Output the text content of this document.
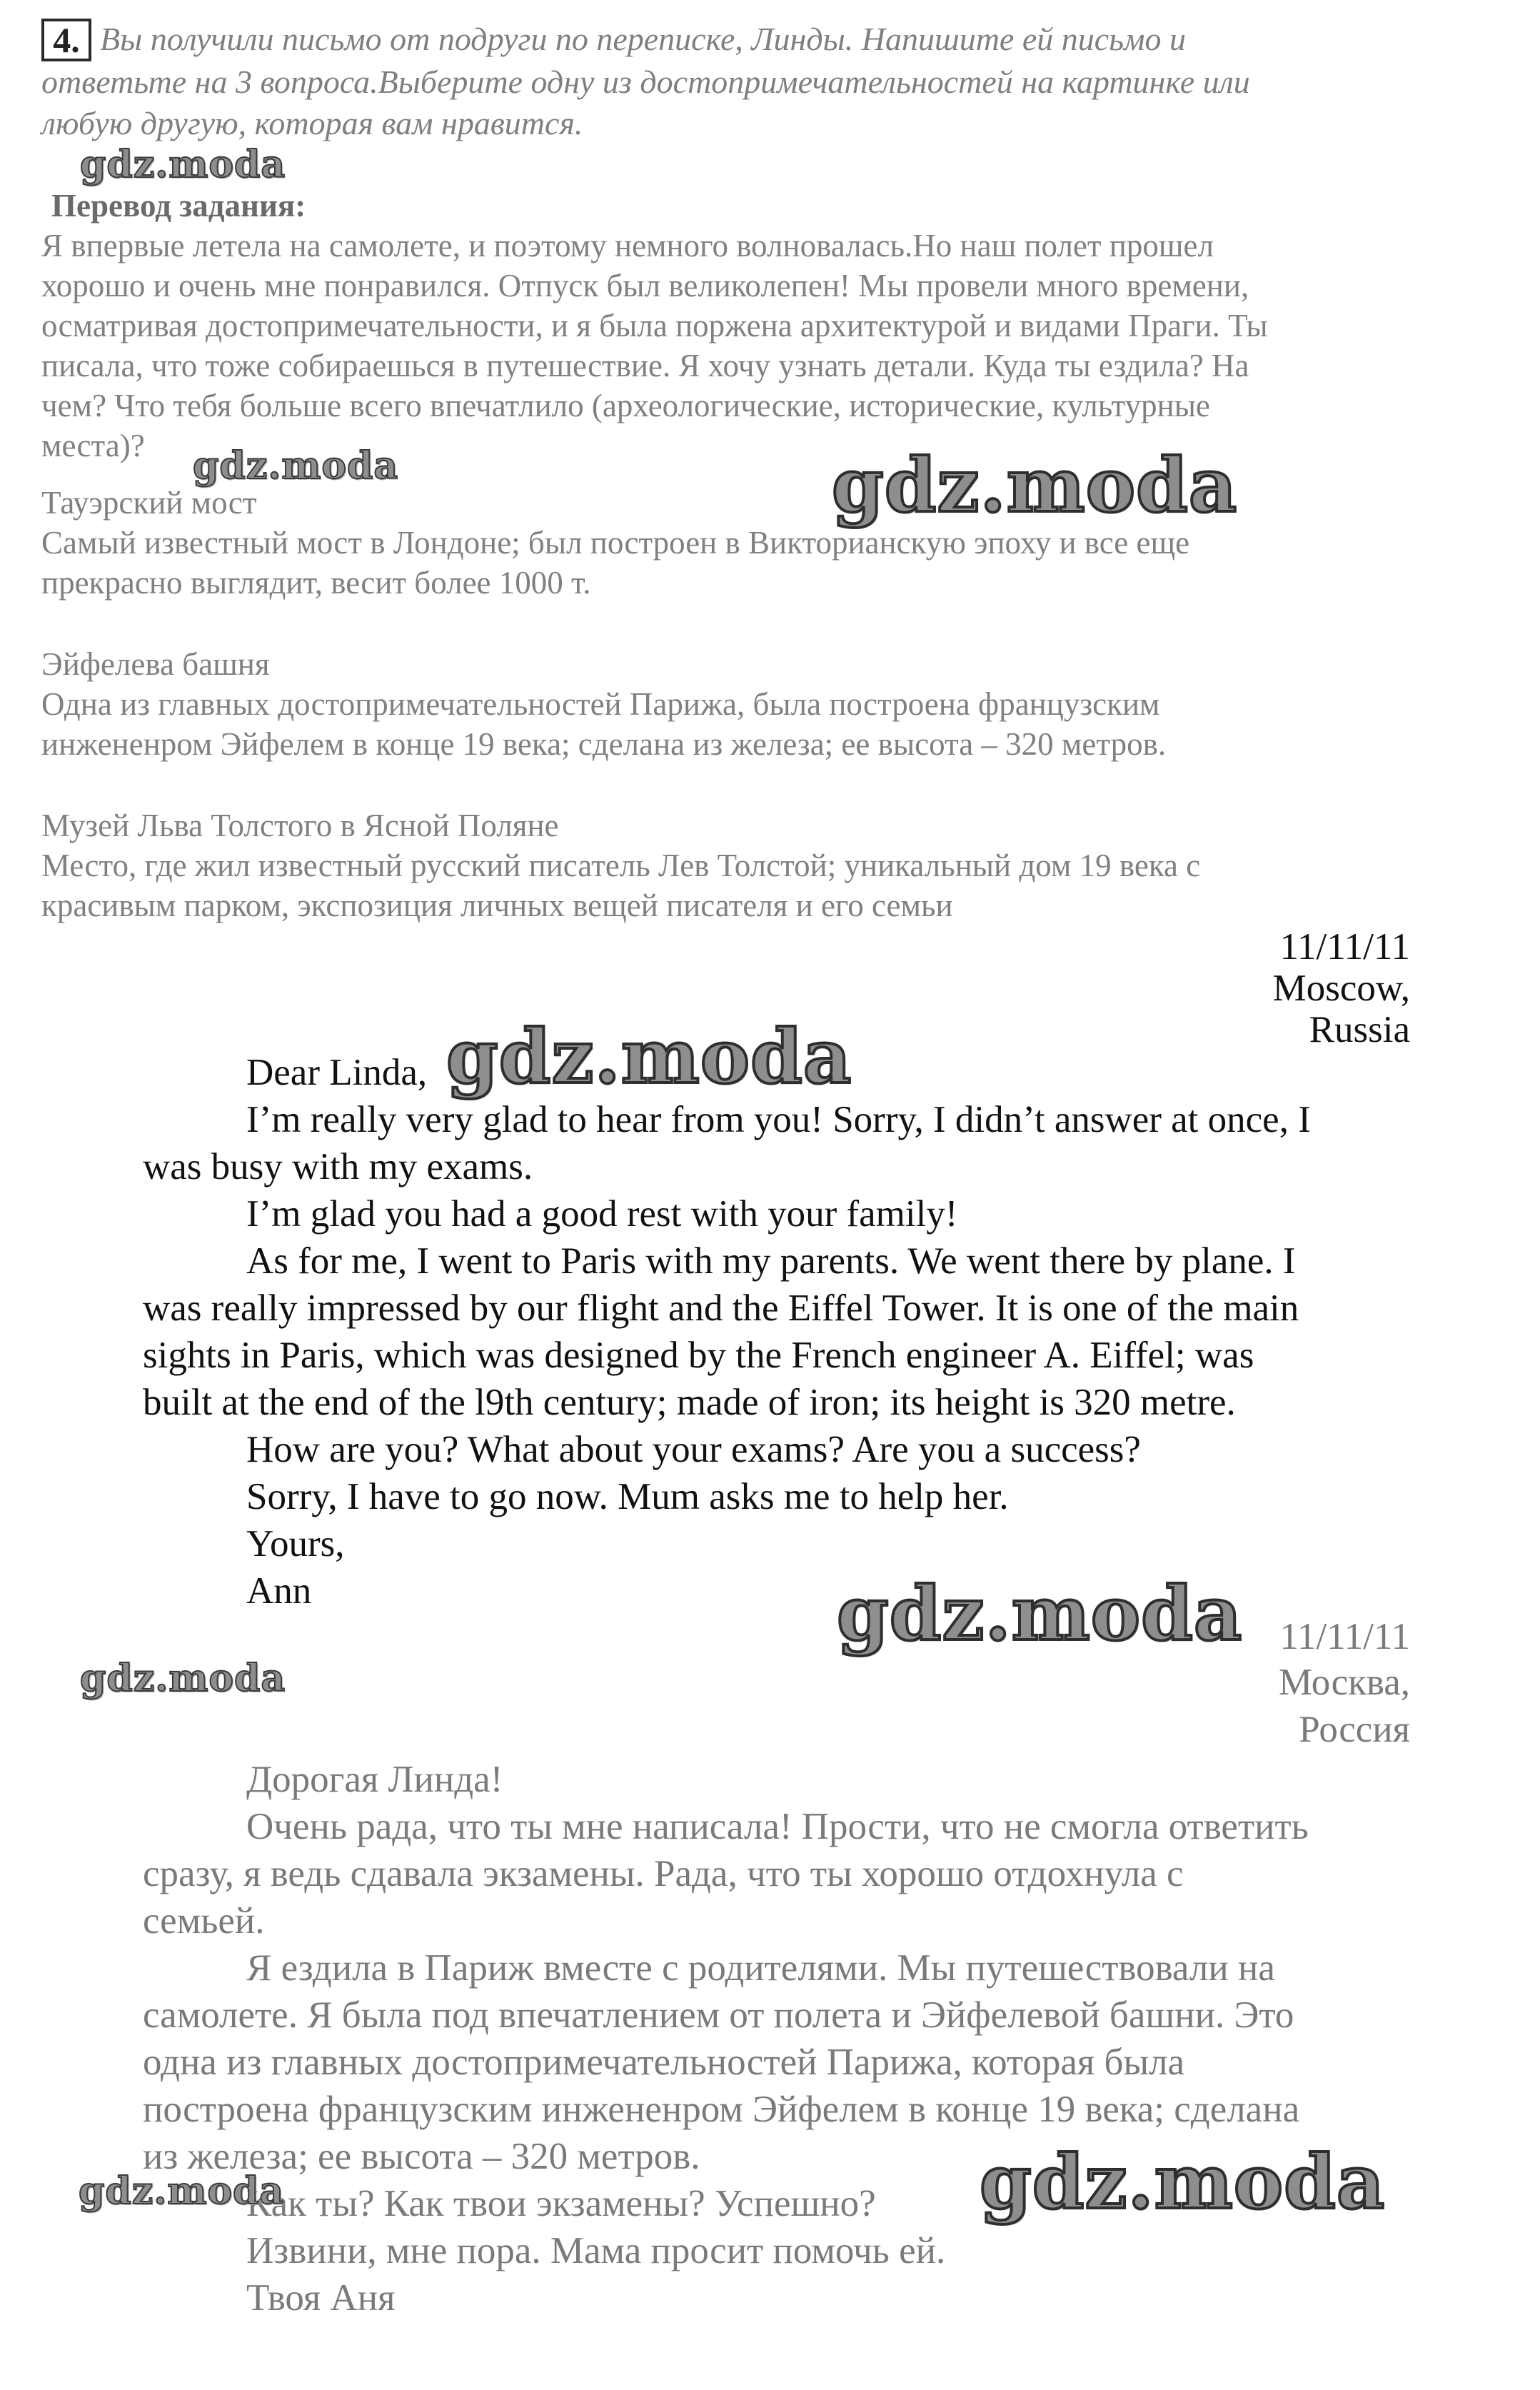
4. Вы получили письмо от подруги по переписке, Линды. Напишите ей письмо и

ответьте на 3 вопроса.Выберите одну из достопримечательностей на картинке или

любую другую, которая вам нравится.

Перевод задания:

Я впервые летела на самолете, и поэтому немного волновалась.Но наш полет прошел

хорошо и очень мне понравился. Отпуск был великолепен! Мы провели много времени,

осматривая достопримечательности, и я была поржена архитектурой и видами Праги. Ты

писала, что тоже собираешься в путешествие. Я хочу узнать детали. Куда ты ездила? На

чем? Что тебя больше всего впечатлило (археологические, исторические, культурные

места)?

Тауэрский мост

Самый известный мост в Лондоне; был построен в Викторианскую эпоху и все еще

прекрасно выглядит, весит более 1000 т.

Эйфелева башня

Одна из главных достопримечательностей Парижа, была построена французским

инжененром Эйфелем в конце 19 века; сделана из железа; ее высота – 320 метров.

Музей Льва Толстого в Ясной Поляне

Место, где жил известный русский писатель Лев Толстой; уникальный дом 19 века с

красивым парком, экспозиция личных вещей писателя и его семьи

11/11/11

Moscow,

Russia

Dear Linda,

I’m really very glad to hear from you! Sorry, I didn’t answer at once, I

was busy with my exams.

I’m glad you had a good rest with your family!

As for me, I went to Paris with my parents. We went there by plane. I

was really impressed by our flight and the Eiffel Tower. It is one of the main

sights in Paris, which was designed by the French engineer A. Eiffel; was

built at the end of the l9th century; made of iron; its height is 320 metre.

How are you? What about your exams? Are you a success?

Sorry, I have to go now. Mum asks me to help her.

Yours,

Ann

11/11/11

Москва,

Россия

Дорогая Линда!

Очень рада, что ты мне написала! Прости, что не смогла ответить

сразу, я ведь сдавала экзамены. Рада, что ты хорошо отдохнула с

семьей.

Я ездила в Париж вместе с родителями. Мы путешествовали на

самолете. Я была под впечатлением от полета и Эйфелевой башни. Это

одна из главных достопримечательностей Парижа, которая была

построена французским инжененром Эйфелем в конце 19 века; сделана

из железа; ее высота – 320 метров.

Как ты? Как твои экзамены? Успешно?

Извини, мне пора. Мама просит помочь ей.

Твоя Аня

gdz.moda
gdz.moda	gdz.moda
gdz.moda
gdz.moda
gdz.moda
gdz.moda
gdz.moda
